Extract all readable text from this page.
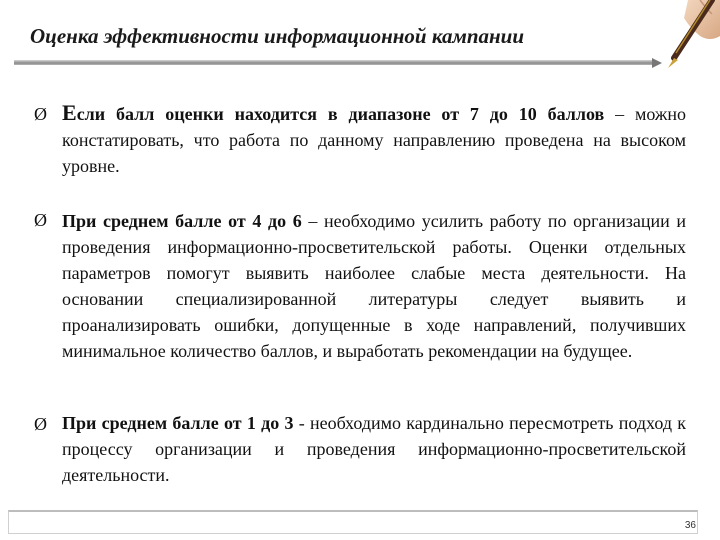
Оценка эффективности информационной кампании
Ø Если балл оценки находится в диапазоне от 7 до 10 баллов – можно констатировать, что работа по данному направлению проведена на высоком уровне.
Ø При среднем балле от 4 до 6 – необходимо усилить работу по организации и проведения информационно-просветительской работы. Оценки отдельных параметров помогут выявить наиболее слабые места деятельности. На основании специализированной литературы следует выявить и проанализировать ошибки, допущенные в ходе направлений, получивших минимальное количество баллов, и выработать рекомендации на будущее.
Ø При среднем балле от 1 до 3 - необходимо кардинально пересмотреть подход к процессу организации и проведения информационно-просветительской деятельности.
36
